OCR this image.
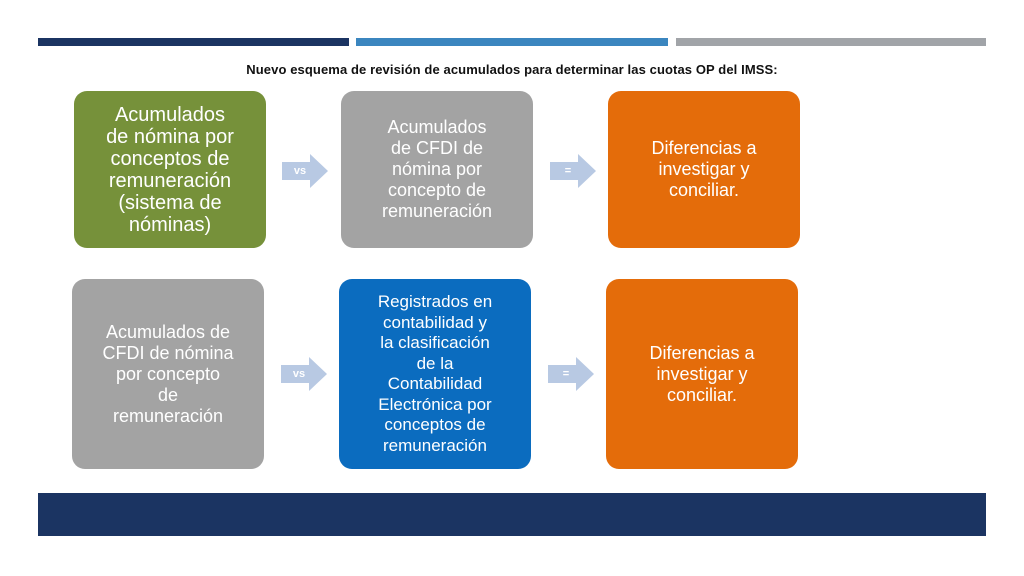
Nuevo esquema de revisión de acumulados para determinar las cuotas OP del IMSS:
Acumulados
de nómina por
conceptos de
remuneración
(sistema de
nóminas)
vs
Acumulados
de CFDI de
nómina por
concepto de
remuneración
=
Diferencias a
investigar y
conciliar.
Acumulados de
CFDI de nómina
por concepto
de
remuneración
vs
Registrados en
contabilidad y
la clasificación
de la
Contabilidad
Electrónica por
conceptos de
remuneración
=
Diferencias a
investigar y
conciliar.
